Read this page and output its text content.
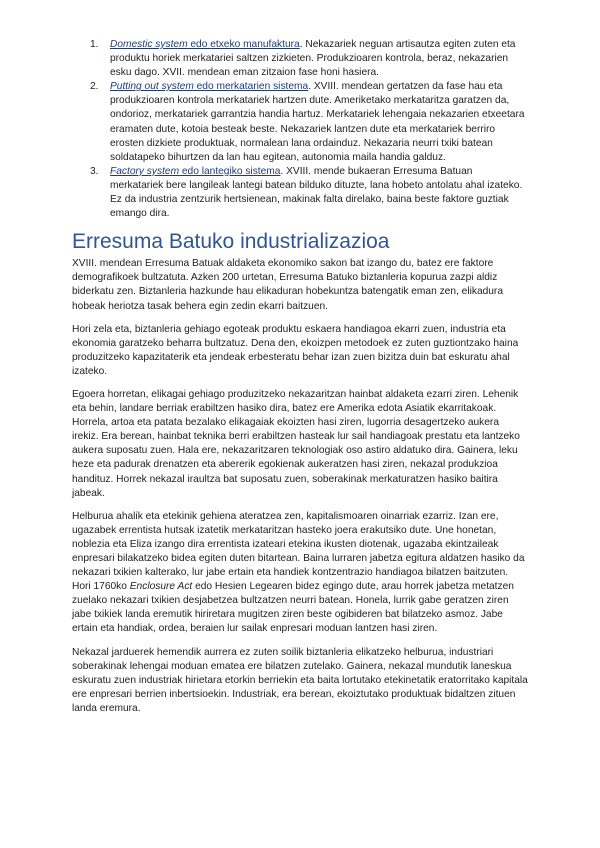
1. Domestic system edo etxeko manufaktura. Nekazariek neguan artisautza egiten zuten eta produktu horiek merkatariei saltzen zizkieten. Produkzioaren kontrola, beraz, nekazarien esku dago. XVII. mendean eman zitzaion fase honi hasiera.
2. Putting out system edo merkatarien sistema. XVIII. mendean gertatzen da fase hau eta produkzioaren kontrola merkatariek hartzen dute. Ameriketako merkataritza garatzen da, ondorioz, merkatariek garrantzia handia hartuz. Merkatariek lehengaia nekazarien etxeetara eramaten dute, kotoia besteak beste. Nekazariek lantzen dute eta merkatariek berriro erosten dizkiete produktuak, normalean lana ordainduz. Nekazaria neurri txiki batean soldatapeko bihurtzen da lan hau egitean, autonomia maila handia galduz.
3. Factory system edo lantegiko sistema. XVIII. mende bukaeran Erresuma Batuan merkatariek bere langileak lantegi batean bilduko dituzte, lana hobeto antolatu ahal izateko. Ez da industria zentzurik hertsienean, makinak falta direlako, baina beste faktore guztiak emango dira.
Erresuma Batuko industrializazioa

XVIII. mendean Erresuma Batuak aldaketa ekonomiko sakon bat izango du, batez ere faktore demografikoek bultzatuta. Azken 200 urtetan, Erresuma Batuko biztanleria kopurua zazpi aldiz biderkatu zen. Biztanleria hazkunde hau elikaduran hobekuntza batengatik eman zen, elikadura hobeak heriotza tasak behera egin zedin ekarri baitzuen.

Hori zela eta, biztanleria gehiago egoteak produktu eskaera handiagoa ekarri zuen, industria eta ekonomia garatzeko beharra bultzatuz. Dena den, ekoizpen metodoek ez zuten guztiontzako haina produzitzeko kapazitaterik eta jendeak erbesteratu behar izan zuen bizitza duin bat eskuratu ahal izateko.

Egoera horretan, elikagai gehiago produzitzeko nekazaritzan hainbat aldaketa ezarri ziren. Lehenik eta behin, landare berriak erabiltzen hasiko dira, batez ere Amerika edota Asiatik ekarritakoak. Horrela, artoa eta patata bezalako elikagaiak ekoizten hasi ziren, lugorria desagertzeko aukera irekiz. Era berean, hainbat teknika berri erabiltzen hasteak lur sail handiagoak prestatu eta lantzeko aukera suposatu zuen. Hala ere, nekazaritzaren teknologiak oso astiro aldatuko dira. Gainera, leku heze eta padurak drenatzen eta abererik egokienak aukeratzen hasi ziren, nekazal produkzioa handituz. Horrek nekazal iraultza bat suposatu zuen, soberakinak merkaturatzen hasiko baitira jabeak.

Helburua ahalik eta etekinik gehiena ateratzea zen, kapitalismoaren oinarriak ezarriz. Izan ere, ugazabek errentista hutsak izatetik merkataritzan hasteko joera erakutsiko dute. Une honetan, noblezia eta Eliza izango dira errentista izateari etekina ikusten diotenak, ugazaba ekintzaileak enpresari bilakatzeko bidea egiten duten bitartean. Baina lurraren jabetza egitura aldatzen hasiko da nekazari txikien kalterako, lur jabe ertain eta handiek kontzentrazio handiagoa bilatzen baitzuten. Hori 1760ko Enclosure Act edo Hesien Legearen bidez egingo dute, arau horrek jabetza metatzen zuelako nekazari txikien desjabetzea bultzatzen neurri batean. Honela, lurrik gabe geratzen ziren jabe txikiek landa eremutik hiriretara mugitzen ziren beste ogibideren bat bilatzeko asmoz. Jabe ertain eta handiak, ordea, beraien lur sailak enpresari moduan lantzen hasi ziren.

Nekazal jarduerek hemendik aurrera ez zuten soilik biztanleria elikatzeko helburua, industriari soberakinak lehengai moduan ematea ere bilatzen zutelako. Gainera, nekazal mundutik laneskua eskuratu zuen industriak hirietara etorkin berriekin eta baita lortutako etekinetatik eratorritako kapitala ere enpresari berrien inbertsioekin. Industriak, era berean, ekoiztutako produktuak bidaltzen zituen landa eremura.
